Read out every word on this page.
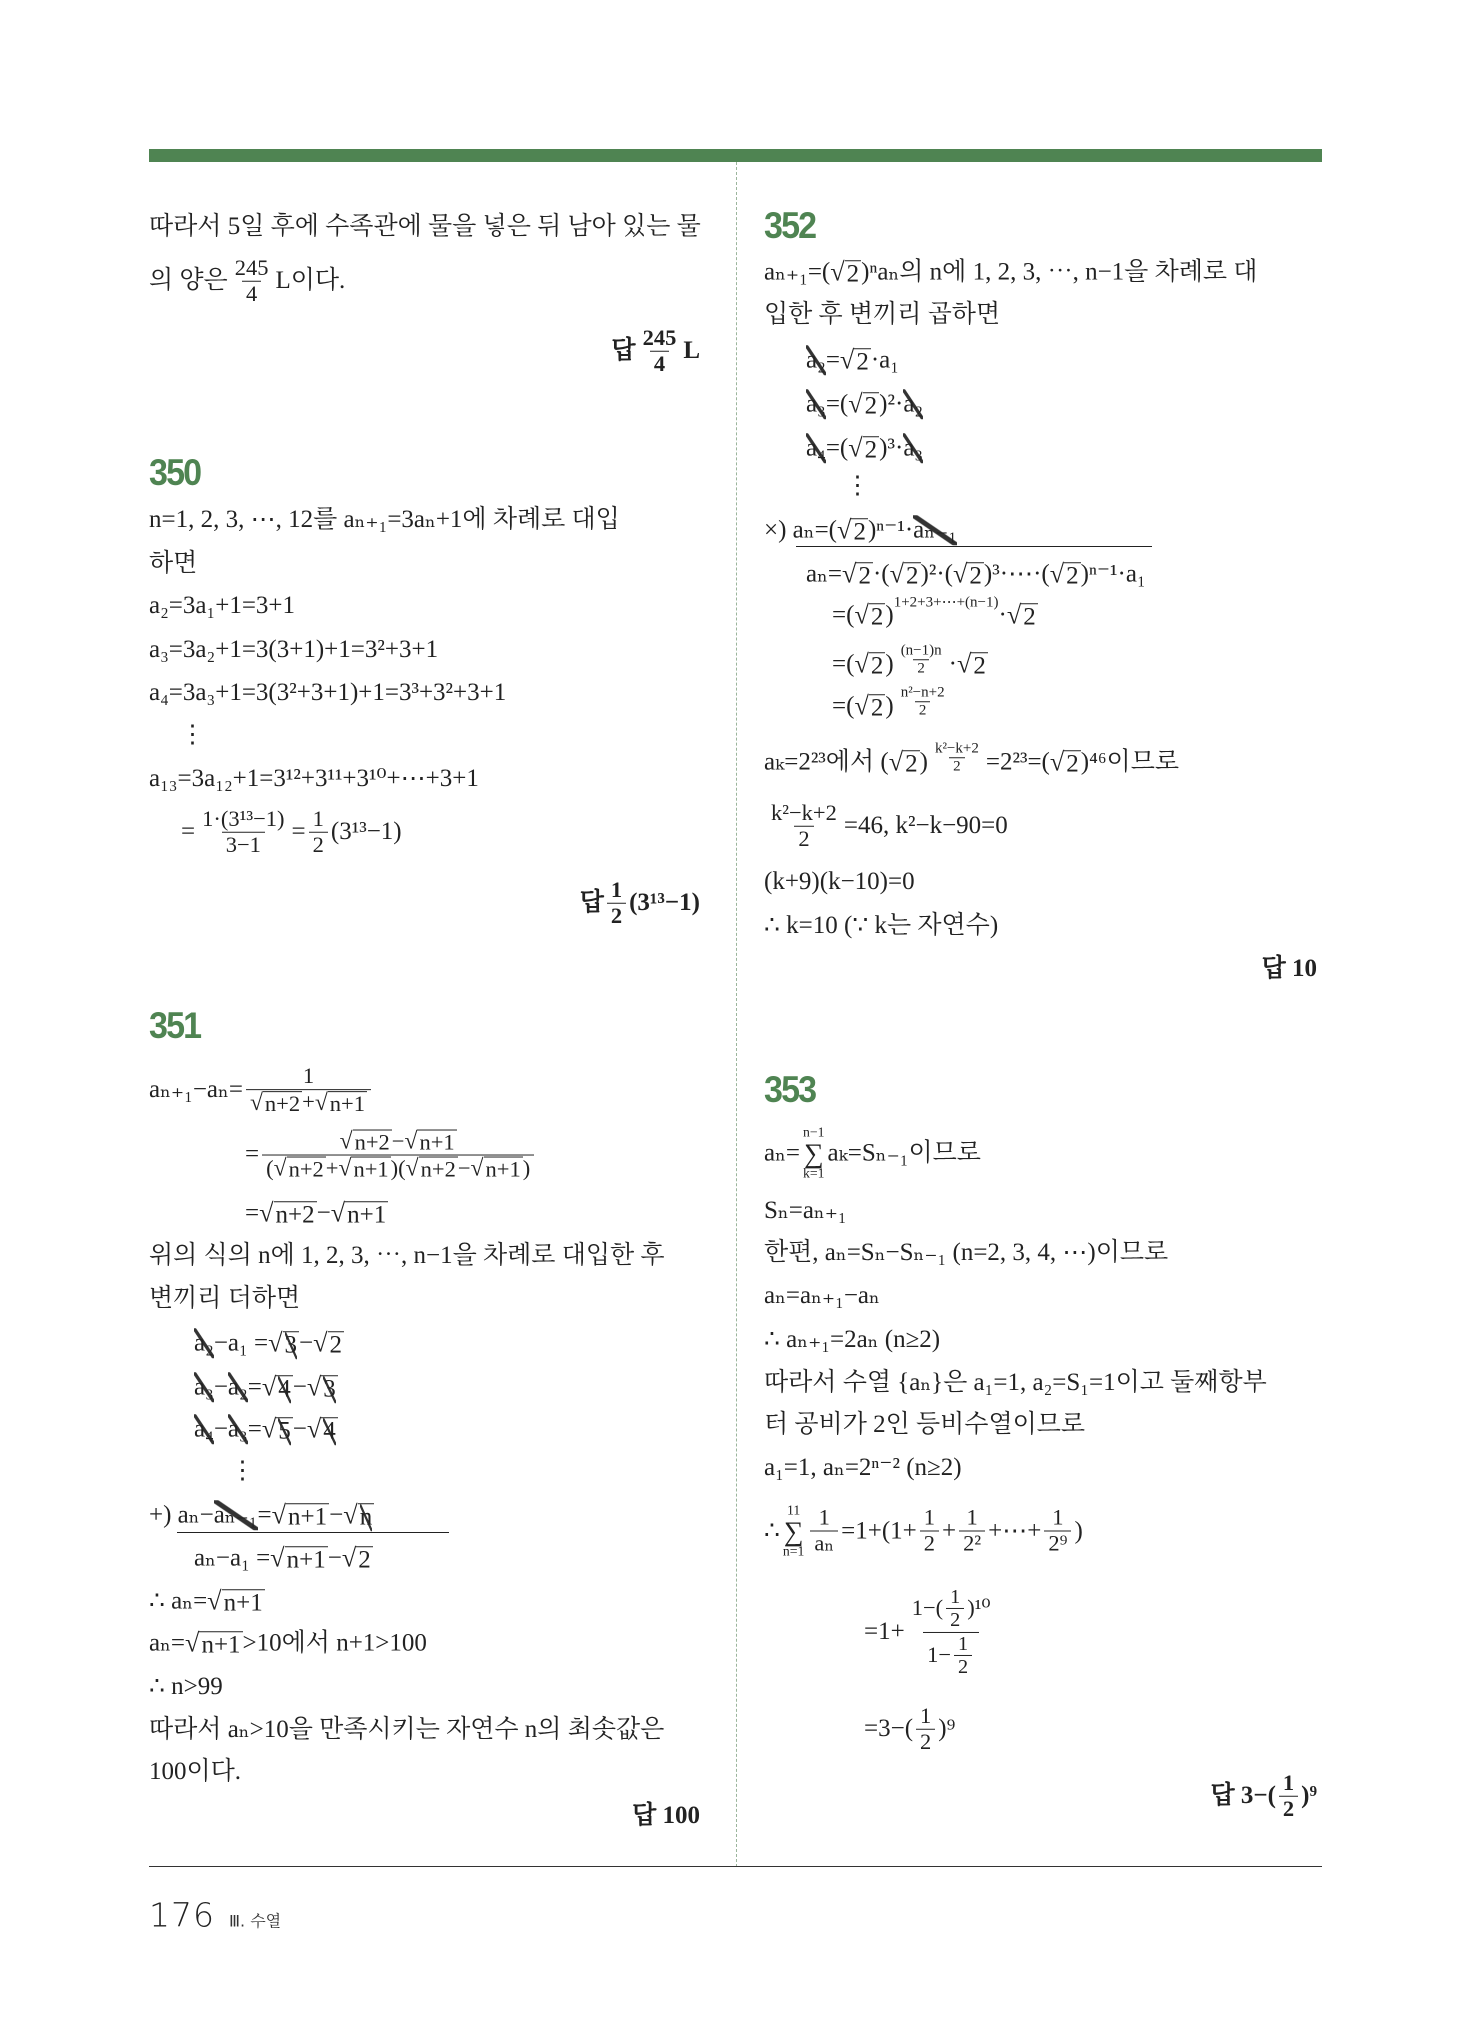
따라서 5일 후에 수족관에 물을 넣은 뒤 남아 있는 물
의 양은 $\frac{245}{4}$ L이다.
답 $\frac{245}{4}$ L
350
n=1, 2, 3, ⋯, 12를 aₙ₊₁=3aₙ+1에 차례로 대입
하면
a₂=3a₁+1=3+1
a₃=3a₂+1=3(3+1)+1=3²+3+1
a₄=3a₃+1=3(3²+3+1)+1=3³+3²+3+1
⋮
a₁₃=3a₁₂+1=3¹²+3¹¹+3¹⁰+⋯+3+1
= $\frac{\text{1·(3¹³−1)}}{3-1} = \frac{1}{2} (3^{13}-1)$
답 $\frac{1}{2} (3^{13}-1)$
351
$a_{n+1}-a_n= \frac{1}{√ n+2 + √ n+1}$
= $\frac{√ n+2 - √ n+1}{( √ n+2 + √ n+1 )( √ n+2 - √ n+1 )}$
= √ n+2 − √ n+1
위의 식의 n에 1, 2, 3, ⋯, n−1을 차례로 대입한 후
변끼리 더하면
a₂ −a₁ = √ 3 − √ 2
a₃ − a₂ = √ 4 − √ 3
a₄ − a₃ = √ 5 − √ 4
⋮
+) aₙ− aₙ₋₁ = √ n+1 − √ n
aₙ−a₁ = √ n+1 − √ 2
∴ aₙ= √ n+1
aₙ= √ n+1 >10에서 n+1>100
∴ n>99
따라서 aₙ>10을 만족시키는 자연수 n의 최솟값은
100이다.
답 100
352
aₙ₊₁=( √ 2 )ⁿaₙ의 n에 1, 2, 3, ⋯, n−1을 차례로 대
입한 후 변끼리 곱하면
a₂ = √ 2 ·a₁
a₃ =( √ 2 )²· a₂
a₄ =( √ 2 )³· a₃
⋮
×) aₙ=( √ 2 )ⁿ⁻¹· aₙ₋₁
aₙ= √ 2 ·( √ 2 )²·( √ 2 )³·⋯·( √ 2 )ⁿ⁻¹·a₁
=( √ 2 ) 1+2+3+⋯+(n−1) · √ 2
=( √ 2 ) $\frac{(n-1)n}{2}$ · √ 2
=( √ 2 ) $\frac{\text{n²−n+2}}{2}$
aₖ=2²³에서 ( √ 2 ) $\frac{\text{k²−k+2}}{2} =2^{23}=$( √ 2 )⁴⁶이므로
$\frac{\text{k²−k+2}}{2} =46$, k²−k−90=0
(k+9)(k−10)=0
∴ k=10 (∵ k는 자연수)
답 10
353
aₙ=
n−1
∑
k=1
aₖ=Sₙ₋₁이므로
Sₙ=aₙ₊₁
한편, aₙ=Sₙ−Sₙ₋₁ (n=2, 3, 4, ⋯)이므로
aₙ=aₙ₊₁−aₙ
∴ aₙ₊₁=2aₙ (n≥2)
따라서 수열 {aₙ}은 a₁=1, a₂=S₁=1이고 둘째항부
터 공비가 2인 등비수열이므로
a₁=1, aₙ=2ⁿ⁻² (n≥2)
∴
11
∑
$n=1 \frac{1}{\text{aₙ}} =1+(1+ \frac{1}{2} + \frac{1}{\text{2²}}$ +⋯+ $\frac{1}{\text{2⁹}}$ )
$=1+ \frac{1-( \frac{1}{2} )^{10}}{1- \frac{1}{2}}$
$=3-( \frac{1}{2} )^9$
답 $3-( \frac{1}{2} )^9$
176 Ⅲ. 수열
